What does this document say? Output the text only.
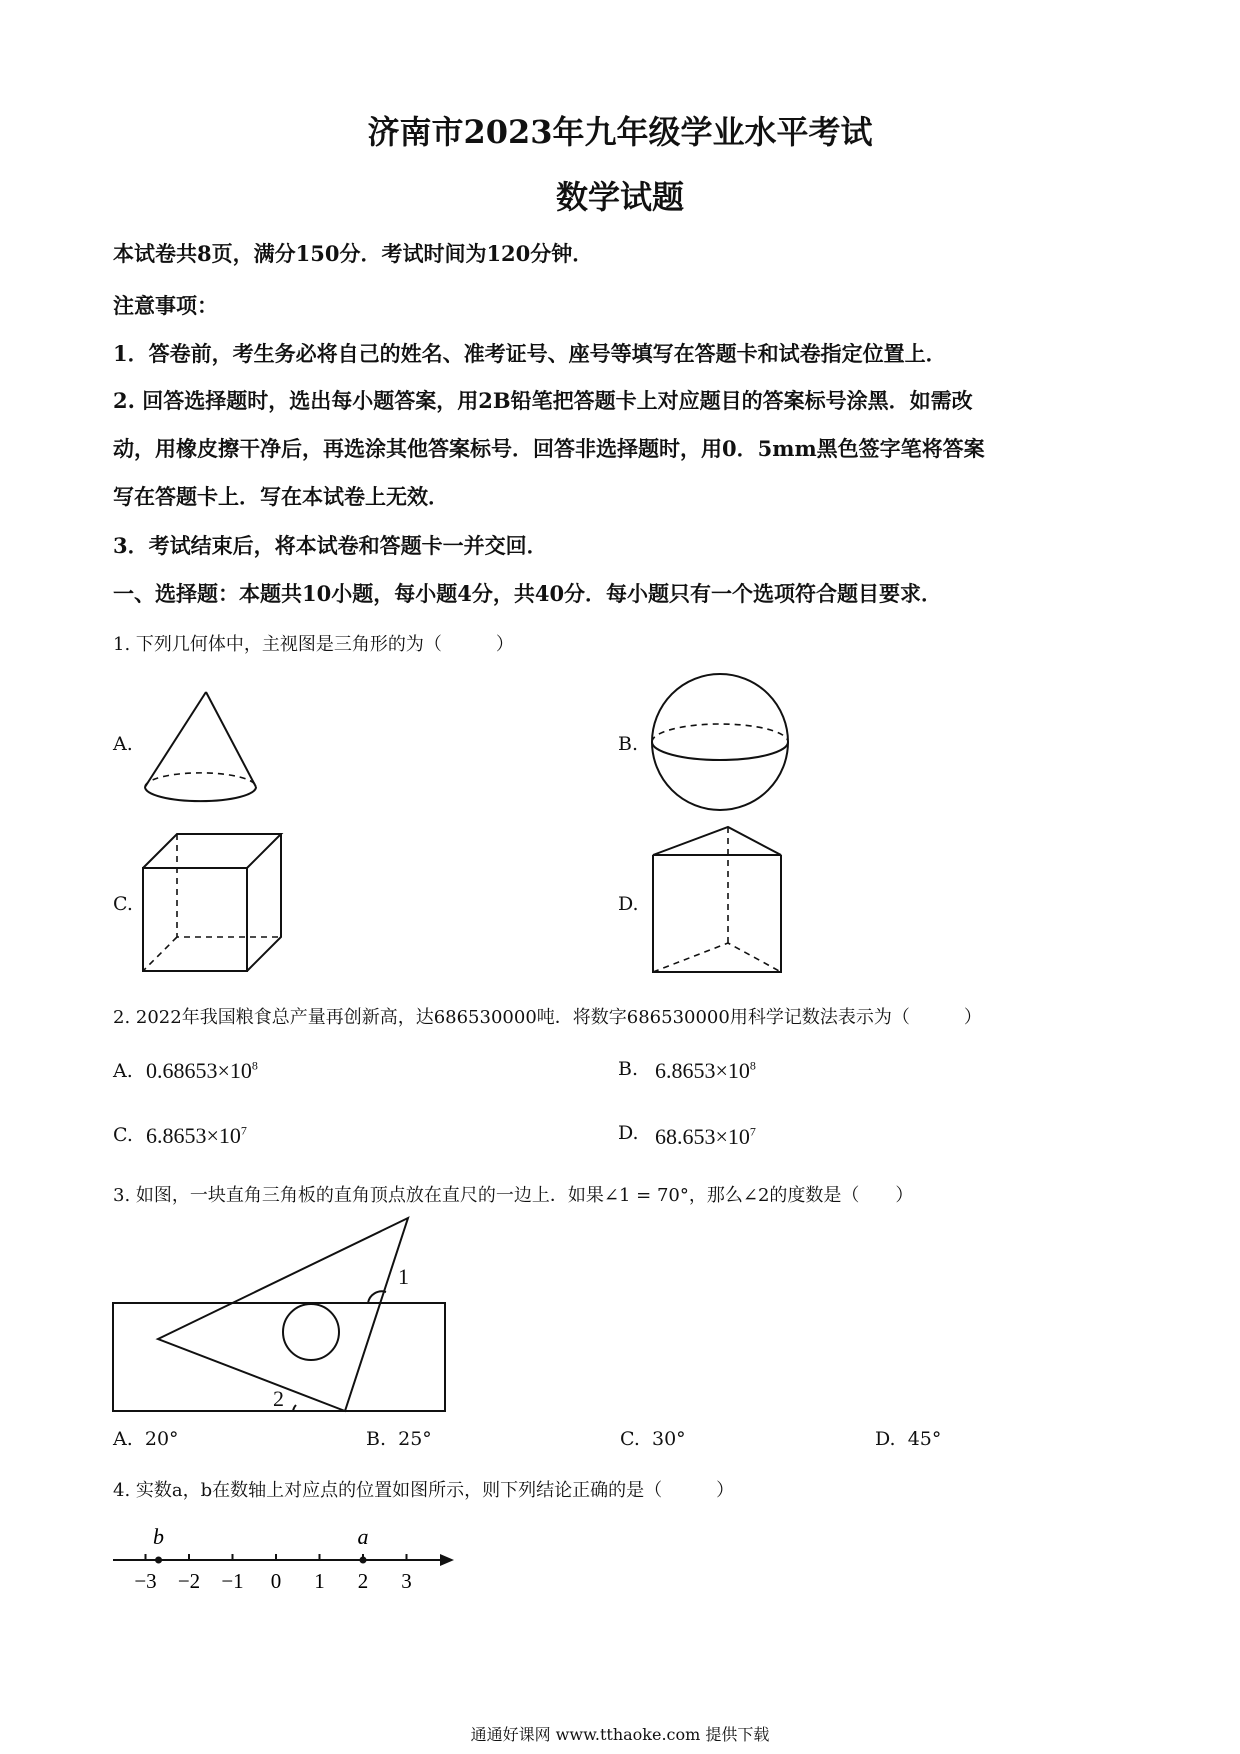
济南市2023年九年级学业水平考试
数学试题
本试卷共8页，满分150分．考试时间为120分钟．
注意事项：
1．答卷前，考生务必将自己的姓名、准考证号、座号等填写在答题卡和试卷指定位置上．
2. 回答选择题时，选出每小题答案，用2B铅笔把答题卡上对应题目的答案标号涂黑．如需改
动，用橡皮擦干净后，再选涂其他答案标号．回答非选择题时，用0．5mm黑色签字笔将答案
写在答题卡上．写在本试卷上无效．
3．考试结束后，将本试卷和答题卡一并交回．
一、选择题：本题共10小题，每小题4分，共40分．每小题只有一个选项符合题目要求．
1. 下列几何体中，主视图是三角形的为（　　　）
A.	B.
C.	D.
2. 2022年我国粮食总产量再创新高，达686530000吨．将数字686530000用科学记数法表示为（　　　）
A. $0.68653\times 10^8$	B. $6.8653\times 10^8$
C. $6.8653\times 10^7$	D. $68.653\times 10^7$
3. 如图，一块直角三角板的直角顶点放在直尺的一边上．如果∠1 = 70°，那么∠2的度数是（　　）
1
2
A. 20°	B. 25°	C. 30°	D. 45°
4. 实数a，b在数轴上对应点的位置如图所示，则下列结论正确的是（　　　）
−3 −2 −1 0 1 2 3
b	a
通通好课网 www.tthaoke.com 提供下载
